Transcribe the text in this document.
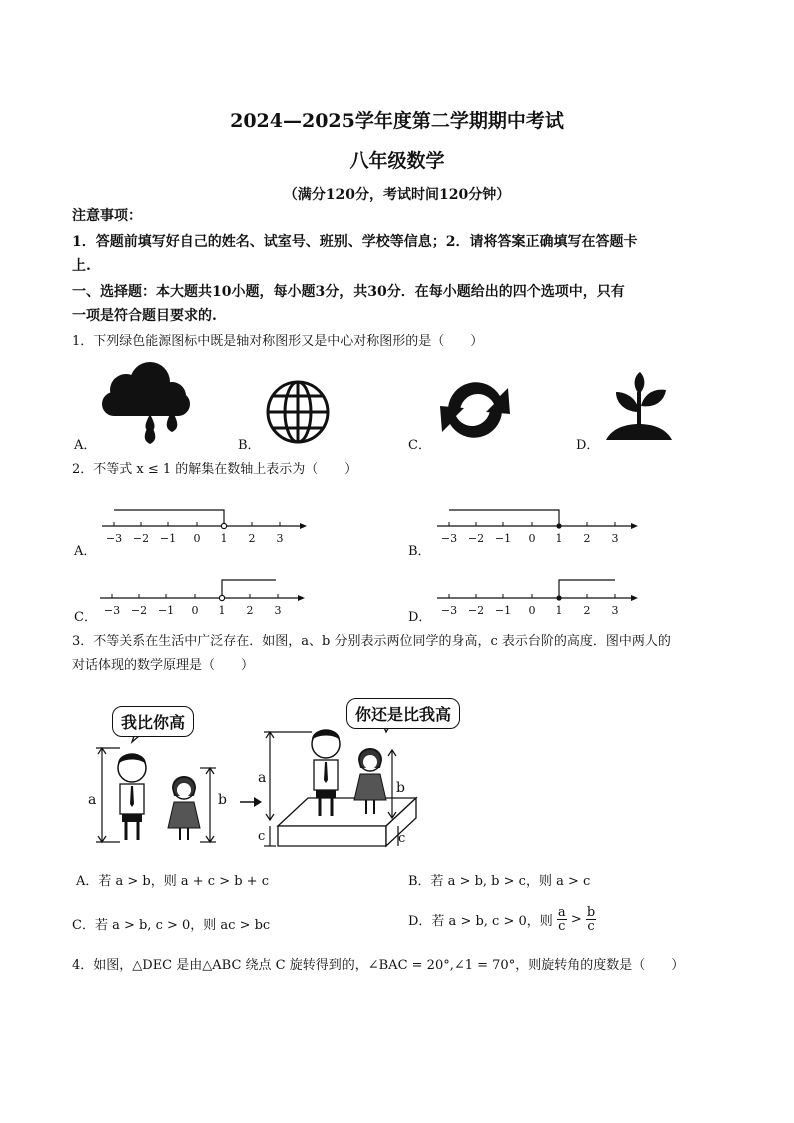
2024—2025学年度第二学期期中考试
八年级数学
（满分120分，考试时间120分钟）
注意事项：
1．答题前填写好自己的姓名、试室号、班别、学校等信息；2．请将答案正确填写在答题卡
上.
一、选择题：本大题共10小题，每小题3分，共30分．在每小题给出的四个选项中，只有
一项是符合题目要求的.
1．下列绿色能源图标中既是轴对称图形又是中心对称图形的是（　　）
A．	B．	C．	D．
2．不等式 x ≤ 1 的解集在数轴上表示为（　　）
A．
−3 −2 −1 0 1 2 3
B．
−3 −2 −1 0 1 2 3
C． −3 −2 −1 0 1 2 3	D． −3 −2 −1 0 1 2 3
3．不等关系在生活中广泛存在．如图，a、b 分别表示两位同学的身高，c 表示台阶的高度．图中两人的
对话体现的数学原理是（　　）
a	b
a
c
b
c
我比你高	你还是比我高
A．若 a > b，则 a + c > b + c	B．若 a > b, b > c，则 a > c
C．若 a > b, c > 0，则 ac > bc	D．若 a > b, c > 0，则 $\frac{a}{c} > \frac{b}{c}$
4．如图，△DEC 是由△ABC 绕点 C 旋转得到的，∠BAC = 20°,∠1 = 70°，则旋转角的度数是（　　）
